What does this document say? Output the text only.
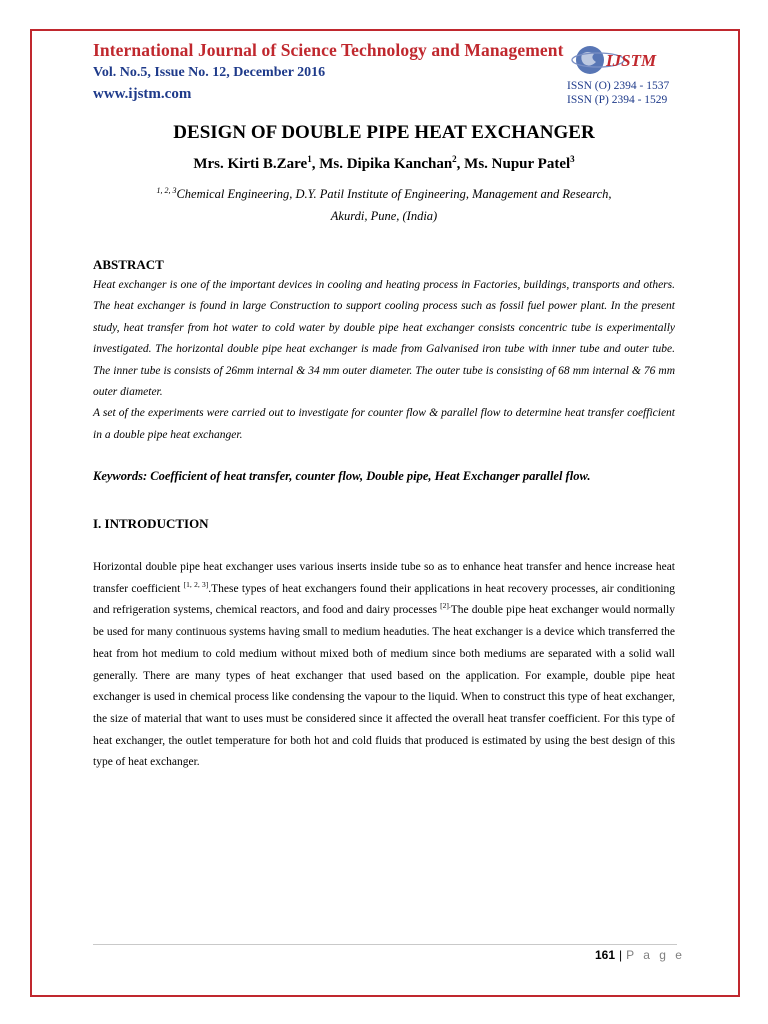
International Journal of Science Technology and Management
Vol. No.5, Issue No. 12, December 2016
www.ijstm.com
IJSTM
ISSN (O) 2394 - 1537
ISSN (P) 2394 - 1529
DESIGN OF DOUBLE PIPE HEAT EXCHANGER
Mrs. Kirti B.Zare$^1$, Ms. Dipika Kanchan$^2$, Ms. Nupur Patel$^3$
$^{1, 2, 3}$Chemical Engineering, D.Y. Patil Institute of Engineering, Management and Research,
Akurdi, Pune, (India)
ABSTRACT

Heat exchanger is one of the important devices in cooling and heating process in Factories, buildings, transports and others. The heat exchanger is found in large Construction to support cooling process such as fossil fuel power plant. In the present study, heat transfer from hot water to cold water by double pipe heat exchanger consists concentric tube is experimentally investigated. The horizontal double pipe heat exchanger is made from Galvanised iron tube with inner tube and outer tube. The inner tube is consists of 26mm internal & 34 mm outer diameter. The outer tube is consisting of 68 mm internal & 76 mm outer diameter.

A set of the experiments were carried out to investigate for counter flow & parallel flow to determine heat transfer coefficient in a double pipe heat exchanger.

Keywords: Coefficient of heat transfer, counter flow, Double pipe, Heat Exchanger parallel flow.
I. INTRODUCTION
Horizontal double pipe heat exchanger uses various inserts inside tube so as to enhance heat transfer and hence increase heat transfer coefficient [1, 2, 3].These types of heat exchangers found their applications in heat recovery processes, air conditioning and refrigeration systems, chemical reactors, and food and dairy processes $^{[2].}$The double pipe heat exchanger would normally be used for many continuous systems having small to medium headuties. The heat exchanger is a device which transferred the heat from hot medium to cold medium without mixed both of medium since both mediums are separated with a solid wall generally. There are many types of heat exchanger that used based on the application. For example, double pipe heat exchanger is used in chemical process like condensing the vapour to the liquid. When to construct this type of heat exchanger, the size of material that want to uses must be considered since it affected the overall heat transfer coefficient. For this type of heat exchanger, the outlet temperature for both hot and cold fluids that produced is estimated by using the best design of this type of heat exchanger.
161 | P a g e
